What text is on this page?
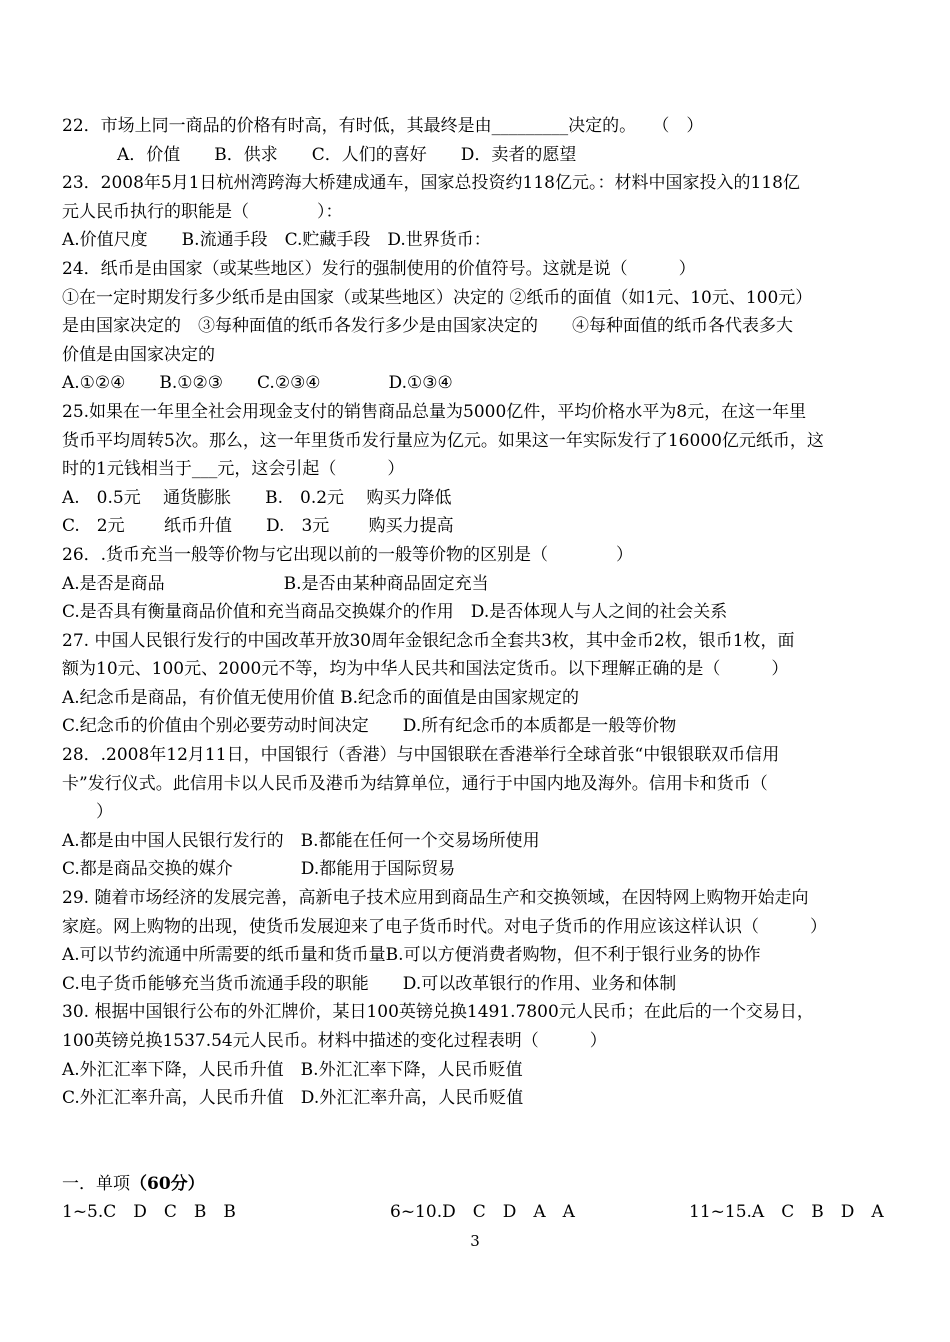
22．市场上同一商品的价格有时高，有时低，其最终是由_________决定的。   （　）
A．价值　　B．供求　　C．人们的喜好　　D．卖者的愿望
23．2008年5月1日杭州湾跨海大桥建成通车，国家总投资约118亿元。：材料中国家投入的118亿
元人民币执行的职能是（　　　　）：
A.价值尺度　　B.流通手段　C.贮藏手段　D.世界货币：
24．纸币是由国家（或某些地区）发行的强制使用的价值符号。这就是说（　　　）
①在一定时期发行多少纸币是由国家（或某些地区）决定的 ②纸币的面值（如1元、10元、100元）
是由国家决定的　③每种面值的纸币各发行多少是由国家决定的　　④每种面值的纸币各代表多大
价值是由国家决定的
A.①②④　　B.①②③　　C.②③④　　　　D.①③④
25.如果在一年里全社会用现金支付的销售商品总量为5000亿件，平均价格水平为8元，在这一年里
货币平均周转5次。那么，这一年里货币发行量应为亿元。如果这一年实际发行了16000亿元纸币，这
时的1元钱相当于___元，这会引起（　　　）
A.　0.5元　 通货膨胀　　B.　0.2元　 购买力降低
C.　2元　　 纸币升值　　D.　3元　　 购买力提高
26．.货币充当一般等价物与它出现以前的一般等价物的区别是（　　　　）
A.是否是商品　　　　　　　B.是否由某种商品固定充当
C.是否具有衡量商品价值和充当商品交换媒介的作用　D.是否体现人与人之间的社会关系
27. 中国人民银行发行的中国改革开放30周年金银纪念币全套共3枚，其中金币2枚，银币1枚，面
额为10元、100元、2000元不等，均为中华人民共和国法定货币。以下理解正确的是（　　　）
A.纪念币是商品，有价值无使用价值 B.纪念币的面值是由国家规定的
C.纪念币的价值由个别必要劳动时间决定　　D.所有纪念币的本质都是一般等价物
28．.2008年12月11日，中国银行（香港）与中国银联在香港举行全球首张“中银银联双币信用
卡”发行仪式。此信用卡以人民币及港币为结算单位，通行于中国内地及海外。信用卡和货币（
　　）
A.都是由中国人民银行发行的　B.都能在任何一个交易场所使用
C.都是商品交换的媒介　　　　D.都能用于国际贸易
29. 随着市场经济的发展完善，高新电子技术应用到商品生产和交换领域，在因特网上购物开始走向
家庭。网上购物的出现，使货币发展迎来了电子货币时代。对电子货币的作用应该这样认识（　　　）
A.可以节约流通中所需要的纸币量和货币量B.可以方便消费者购物，但不利于银行业务的协作
C.电子货币能够充当货币流通手段的职能　　D.可以改革银行的作用、业务和体制
30. 根据中国银行公布的外汇牌价，某日100英镑兑换1491.7800元人民币；在此后的一个交易日，
100英镑兑换1537.54元人民币。材料中描述的变化过程表明（　　　）
A.外汇汇率下降，人民币升值　B.外汇汇率下降，人民币贬值
C.外汇汇率升高，人民币升值　D.外汇汇率升高，人民币贬值
一．单项（60分）

1~5.C　D　C　B　B

	6~10.D　C　D　A　A

	11~15.A　C　B　D　A

3
